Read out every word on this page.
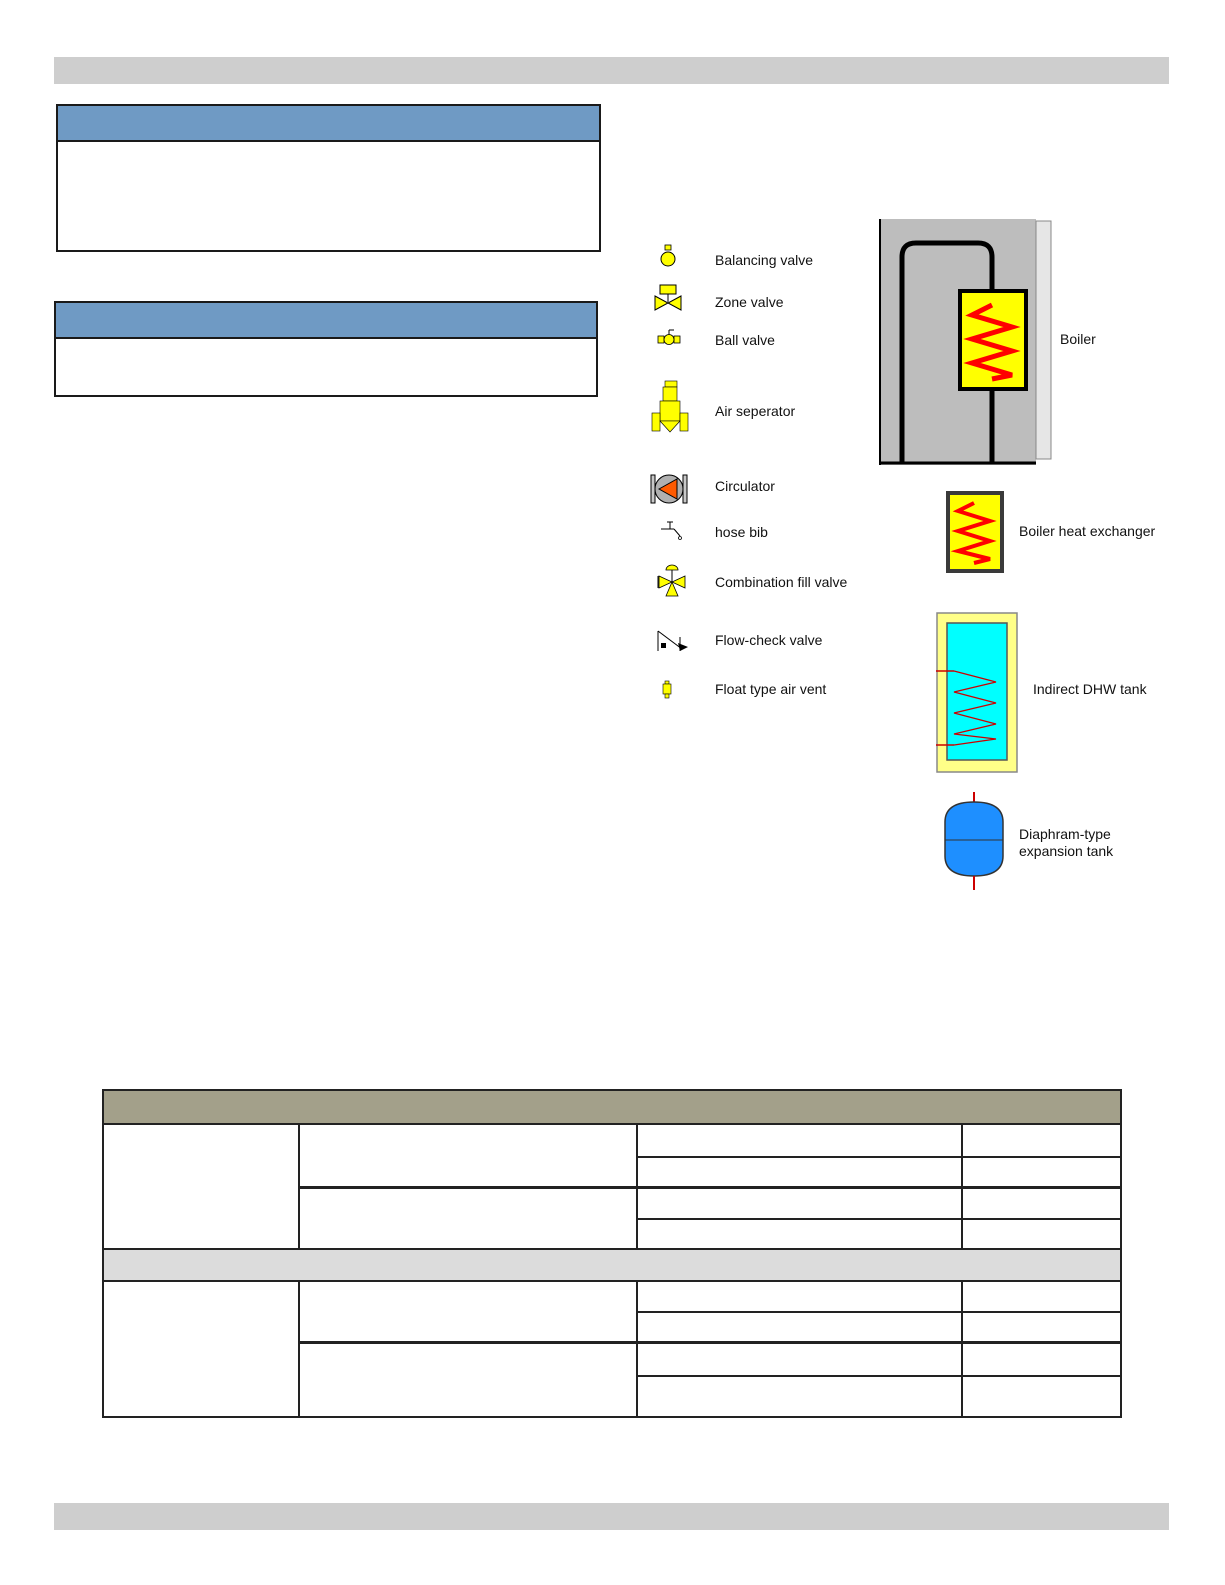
Balancing valve
Zone valve
Ball valve
Air seperator
Circulator
hose bib
Combination fill valve
Flow-check valve
Float type air vent
Boiler
Boiler heat exchanger
Indirect DHW tank
Diaphram-type
expansion tank
